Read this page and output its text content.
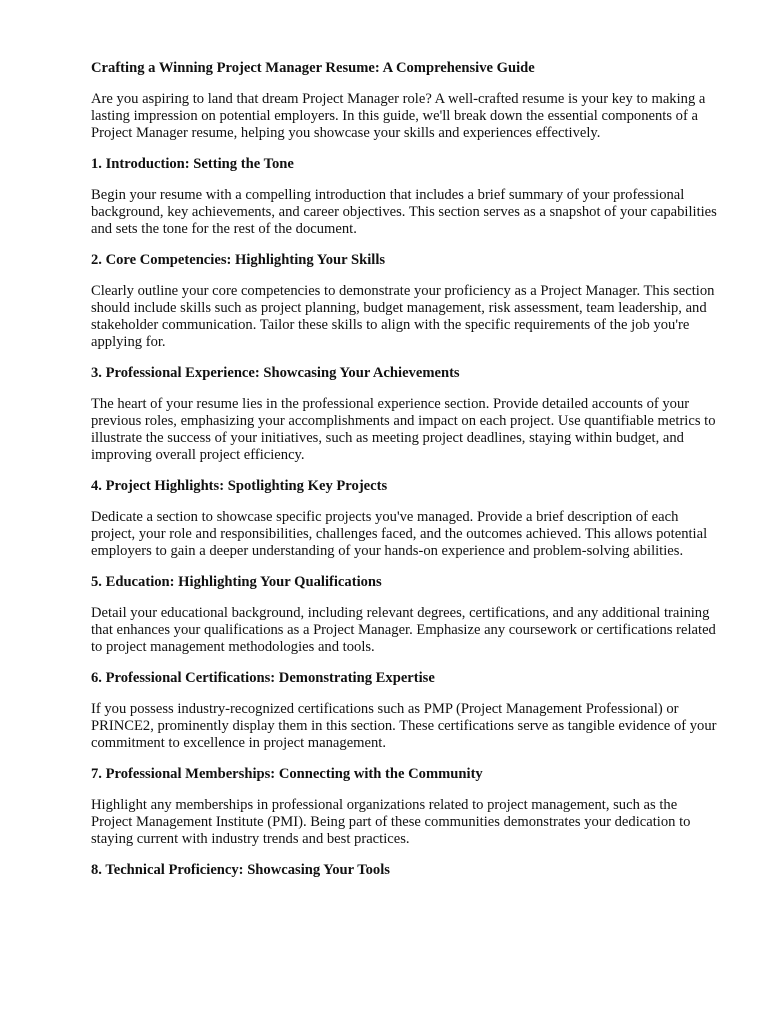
Crafting a Winning Project Manager Resume: A Comprehensive Guide
Are you aspiring to land that dream Project Manager role? A well-crafted resume is your key to making a lasting impression on potential employers. In this guide, we'll break down the essential components of a Project Manager resume, helping you showcase your skills and experiences effectively.
1. Introduction: Setting the Tone
Begin your resume with a compelling introduction that includes a brief summary of your professional background, key achievements, and career objectives. This section serves as a snapshot of your capabilities and sets the tone for the rest of the document.
2. Core Competencies: Highlighting Your Skills
Clearly outline your core competencies to demonstrate your proficiency as a Project Manager. This section should include skills such as project planning, budget management, risk assessment, team leadership, and stakeholder communication. Tailor these skills to align with the specific requirements of the job you're applying for.
3. Professional Experience: Showcasing Your Achievements
The heart of your resume lies in the professional experience section. Provide detailed accounts of your previous roles, emphasizing your accomplishments and impact on each project. Use quantifiable metrics to illustrate the success of your initiatives, such as meeting project deadlines, staying within budget, and improving overall project efficiency.
4. Project Highlights: Spotlighting Key Projects
Dedicate a section to showcase specific projects you've managed. Provide a brief description of each project, your role and responsibilities, challenges faced, and the outcomes achieved. This allows potential employers to gain a deeper understanding of your hands-on experience and problem-solving abilities.
5. Education: Highlighting Your Qualifications
Detail your educational background, including relevant degrees, certifications, and any additional training that enhances your qualifications as a Project Manager. Emphasize any coursework or certifications related to project management methodologies and tools.
6. Professional Certifications: Demonstrating Expertise
If you possess industry-recognized certifications such as PMP (Project Management Professional) or PRINCE2, prominently display them in this section. These certifications serve as tangible evidence of your commitment to excellence in project management.
7. Professional Memberships: Connecting with the Community
Highlight any memberships in professional organizations related to project management, such as the Project Management Institute (PMI). Being part of these communities demonstrates your dedication to staying current with industry trends and best practices.
8. Technical Proficiency: Showcasing Your Tools
